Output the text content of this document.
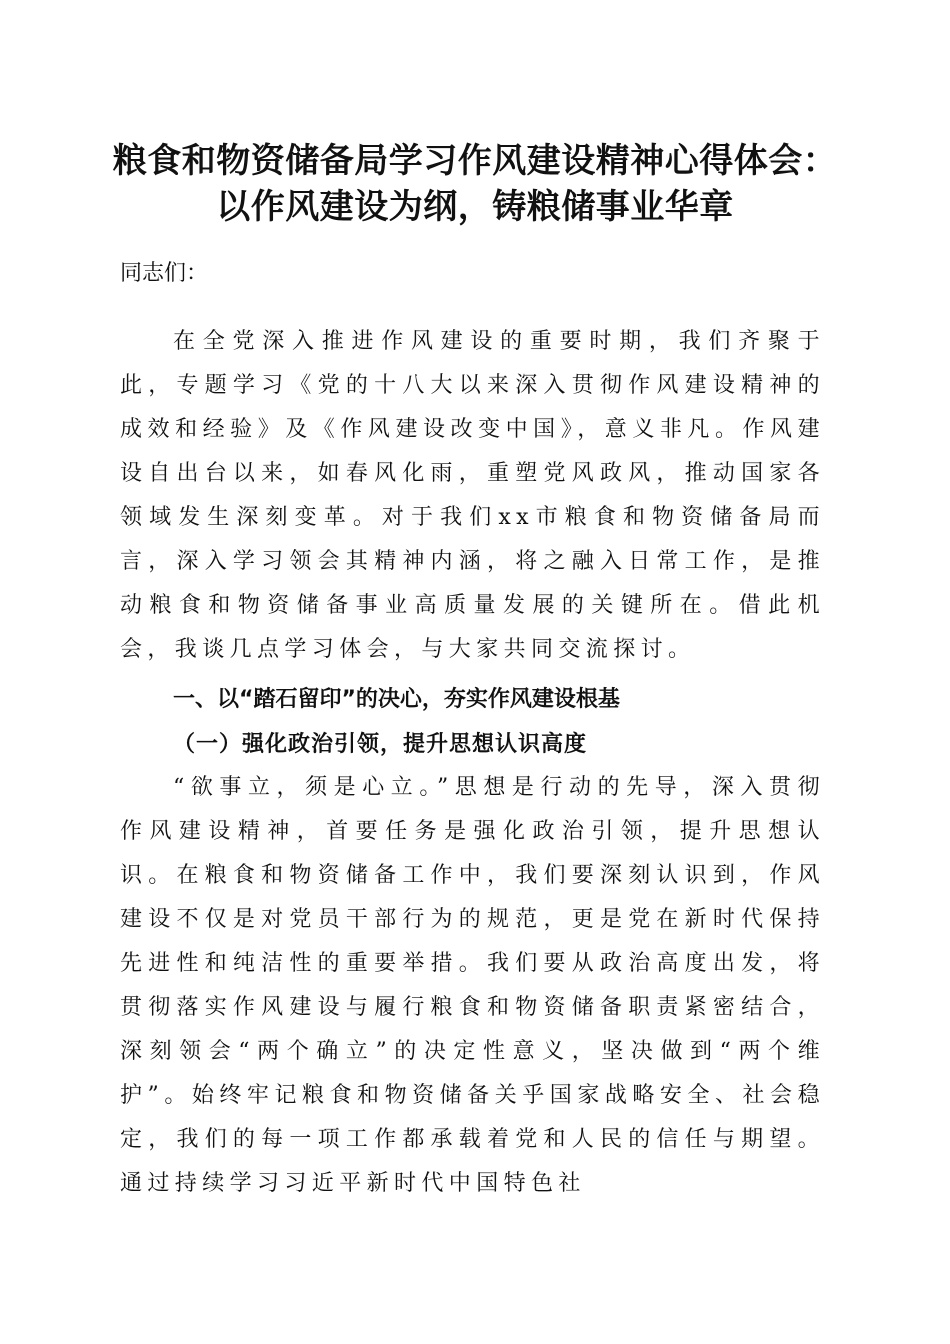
粮食和物资储备局学习作风建设精神心得体会：
以作风建设为纲，铸粮储事业华章

同志们：

在全党深入推进作风建设的重要时期，我们齐聚于此，专题学习《党的十八大以来深入贯彻作风建设精神的成效和经验》及《作风建设改变中国》，意义非凡。作风建设自出台以来，如春风化雨，重塑党风政风，推动国家各领域发生深刻变革。对于我们xx市粮食和物资储备局而言，深入学习领会其精神内涵，将之融入日常工作，是推动粮食和物资储备事业高质量发展的关键所在。借此机会，我谈几点学习体会，与大家共同交流探讨。

一、以“踏石留印”的决心，夯实作风建设根基
（一）强化政治引领，提升思想认识高度

“欲事立，须是心立。”思想是行动的先导，深入贯彻作风建设精神，首要任务是强化政治引领，提升思想认识。在粮食和物资储备工作中，我们要深刻认识到，作风建设不仅是对党员干部行为的规范，更是党在新时代保持先进性和纯洁性的重要举措。我们要从政治高度出发，将贯彻落实作风建设与履行粮食和物资储备职责紧密结合，深刻领会“两个确立”的决定性意义，坚决做到“两个维护”。始终牢记粮食和物资储备关乎国家战略安全、社会稳定，我们的每一项工作都承载着党和人民的信任与期望。通过持续学习习近平新时代中国特色社
